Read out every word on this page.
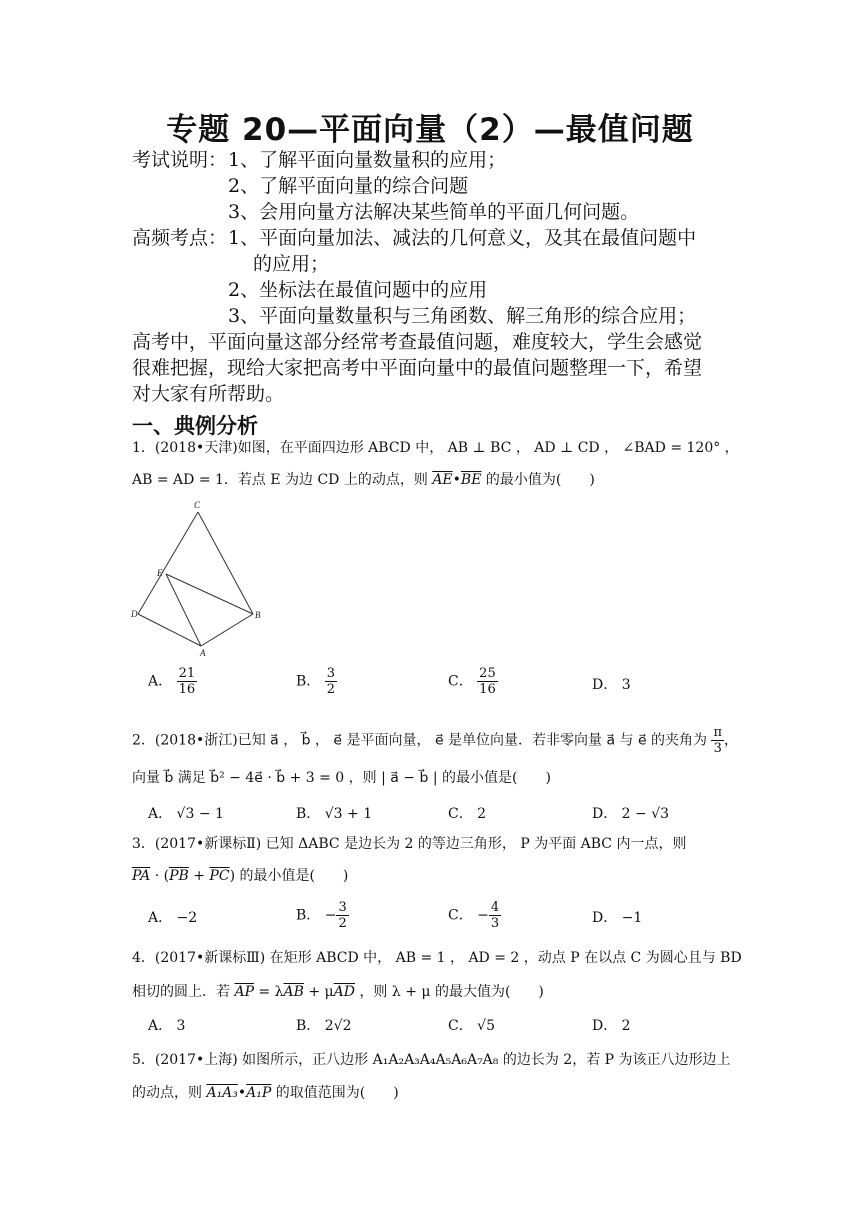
专题 20—平面向量（2）—最值问题
考试说明： 1、了解平面向量数量积的应用；
2、了解平面向量的综合问题
3、会用向量方法解决某些简单的平面几何问题。
高频考点： 1、平面向量加法、减法的几何意义，及其在最值问题中
的应用；
2、坐标法在最值问题中的应用
3、平面向量数量积与三角函数、解三角形的综合应用；
高考中，平面向量这部分经常考查最值问题，难度较大，学生会感觉
很难把握，现给大家把高考中平面向量中的最值问题整理一下，希望
对大家有所帮助。
一、典例分析
1．(2018•天津)如图，在平面四边形 ABCD 中， AB ⊥ BC ， AD ⊥ CD ， ∠BAD = 120° ，
AB = AD = 1．若点 E 为边 CD 上的动点，则 $\overline{AE}•\overline{BE}$ 的最小值为(　　)
C
E
D	B
A
A． $\frac{21}{16}$	B． $\frac{3}{2}$	C． $\frac{25}{16}$	D． 3
2．(2018•浙江)已知 a⃗ ， b⃗ ， e⃗ 是平面向量， e⃗ 是单位向量．若非零向量 a⃗ 与 e⃗ 的夹角为 $\frac{\pi}{3}$ ，
向量 b⃗ 满足 b⃗² − 4e⃗ · b⃗ + 3 = 0 ，则 | a⃗ − b⃗ | 的最小值是(　　)
A． √3 − 1	B． √3 + 1	C． 2	D． 2 − √3
3．(2017•新课标Ⅱ) 已知 ΔABC 是边长为 2 的等边三角形， P 为平面 ABC 内一点，则
$\overline{PA} \cdot (\overline{PB} + \overline{PC})$ 的最小值是(　　)
A． −2	B． − $\frac{3}{2}$	C． − $\frac{4}{3}$	D． −1
4．(2017•新课标Ⅲ) 在矩形 ABCD 中， AB = 1 ， AD = 2 ，动点 P 在以点 C 为圆心且与 BD
相切的圆上．若 $\overline{AP} = \lambda\overline{AB} + \mu\overline{AD}$ ，则 λ + μ 的最大值为(　　)
A． 3	B． 2√2	C． √5	D． 2
5．(2017•上海) 如图所示，正八边形 A₁A₂A₃A₄A₅A₆A₇A₈ 的边长为 2，若 P 为该正八边形边上
的动点，则 A₁A₃•A₁P 的取值范围为(　　)
